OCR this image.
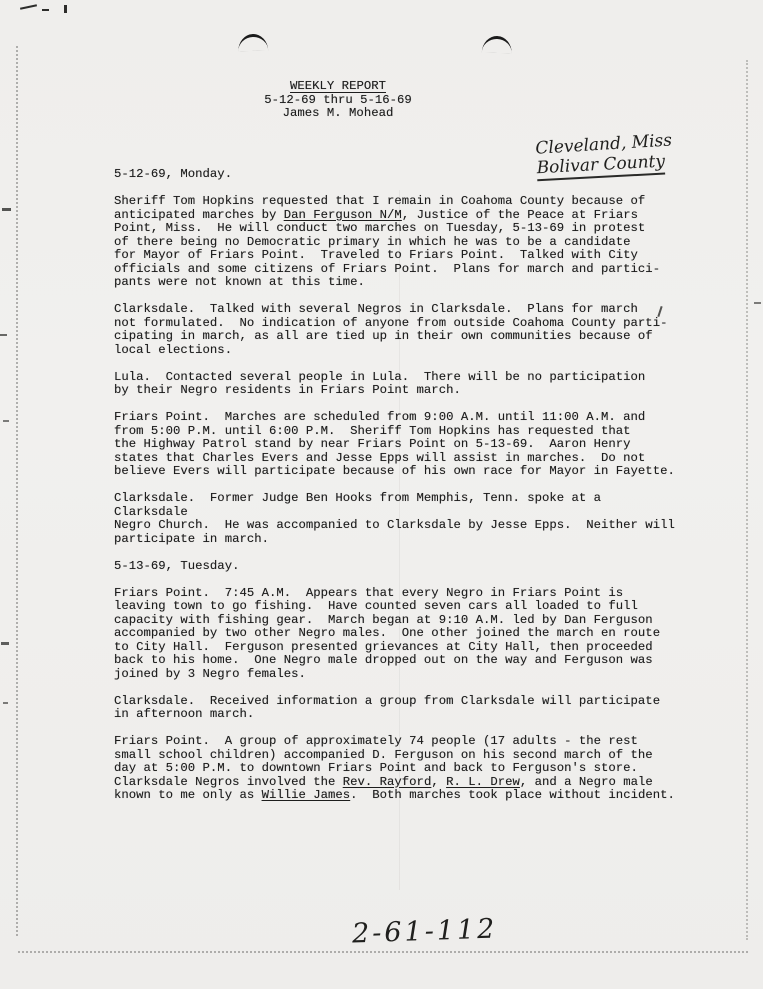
WEEKLY REPORT
5-12-69 thru 5-16-69
James M. Mohead
Cleveland, Miss
Bolivar County
2-61-112
5-12-69, Monday.

Sheriff Tom Hopkins requested that I remain in Coahoma County because of
anticipated marches by Dan Ferguson N/M, Justice of the Peace at Friars
Point, Miss.  He will conduct two marches on Tuesday, 5-13-69 in protest
of there being no Democratic primary in which he was to be a candidate
for Mayor of Friars Point.  Traveled to Friars Point.  Talked with City
officials and some citizens of Friars Point.  Plans for march and partici-
pants were not known at this time.

Clarksdale.  Talked with several Negros in Clarksdale.  Plans for march
not formulated.  No indication of anyone from outside Coahoma County parti-
cipating in march, as all are tied up in their own communities because of
local elections.

Lula.  Contacted several people in Lula.  There will be no participation
by their Negro residents in Friars Point march.

Friars Point.  Marches are scheduled from 9:00 A.M. until 11:00 A.M. and
from 5:00 P.M. until 6:00 P.M.  Sheriff Tom Hopkins has requested that
the Highway Patrol stand by near Friars Point on 5-13-69.  Aaron Henry
states that Charles Evers and Jesse Epps will assist in marches.  Do not
believe Evers will participate because of his own race for Mayor in Fayette.

Clarksdale.  Former Judge Ben Hooks from Memphis, Tenn. spoke at a Clarksdale
Negro Church.  He was accompanied to Clarksdale by Jesse Epps.  Neither will
participate in march.

5-13-69, Tuesday.

Friars Point.  7:45 A.M.  Appears that every Negro in Friars Point is
leaving town to go fishing.  Have counted seven cars all loaded to full
capacity with fishing gear.  March began at 9:10 A.M. led by Dan Ferguson
accompanied by two other Negro males.  One other joined the march en route
to City Hall.  Ferguson presented grievances at City Hall, then proceeded
back to his home.  One Negro male dropped out on the way and Ferguson was
joined by 3 Negro females.

Clarksdale.  Received information a group from Clarksdale will participate
in afternoon march.

Friars Point.  A group of approximately 74 people (17 adults - the rest
small school children) accompanied D. Ferguson on his second march of the
day at 5:00 P.M. to downtown Friars Point and back to Ferguson's store.
Clarksdale Negros involved the Rev. Rayford, R. L. Drew, and a Negro male
known to me only as Willie James.  Both marches took place without incident.
